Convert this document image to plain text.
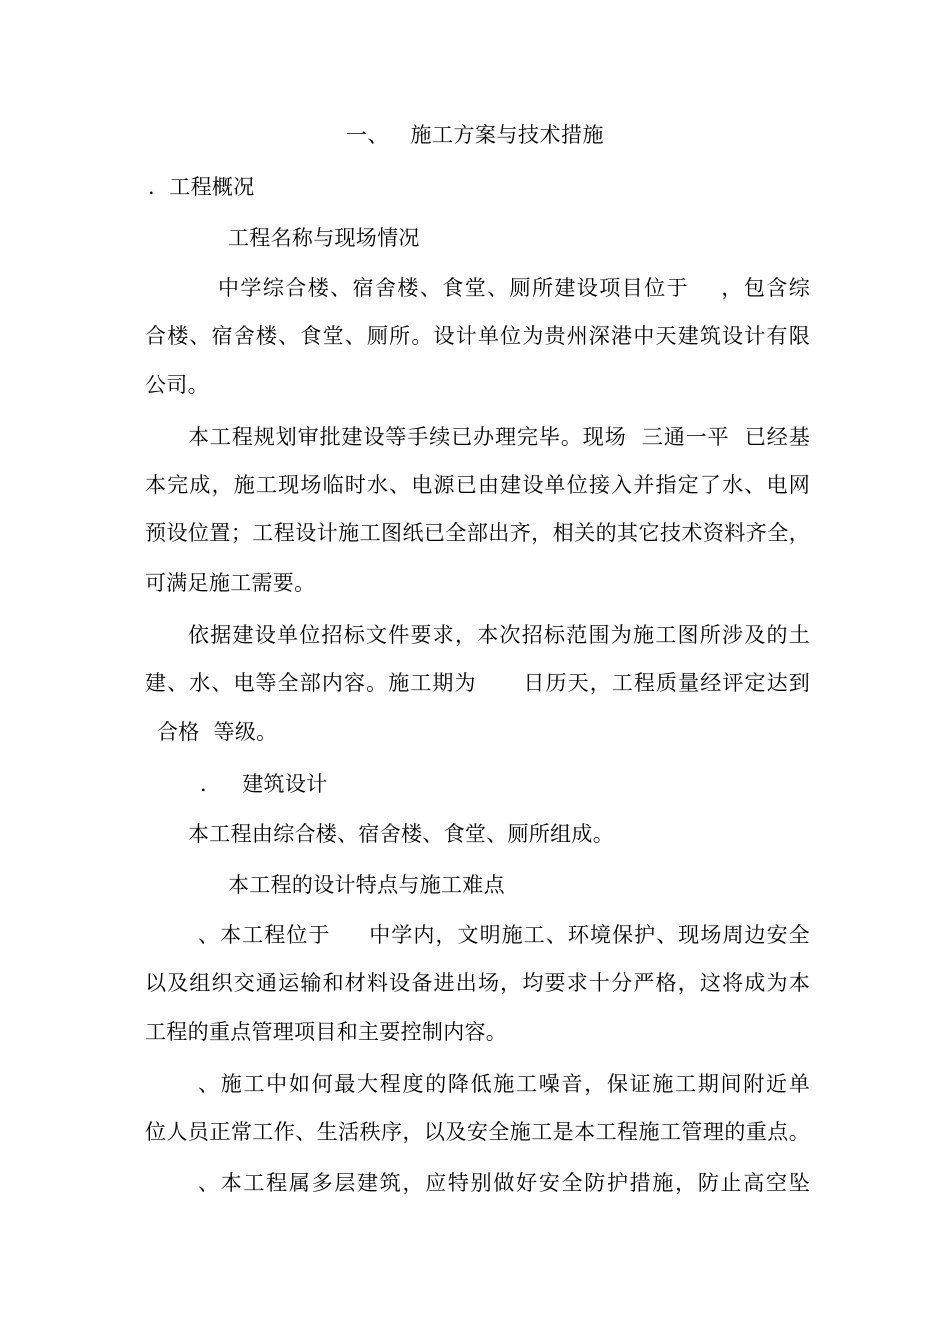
一、   施工方案与技术措施
．工程概况
工程名称与现场情况
中学综合楼、宿舍楼、食堂、厕所建设项目位于    ，包含综
合楼、宿舍楼、食堂、厕所。设计单位为贵州深港中天建筑设计有限
公司。
本工程规划审批建设等手续已办理完毕。现场  三通一平  已经基
本完成，施工现场临时水、电源已由建设单位接入并指定了水、电网
预设位置；工程设计施工图纸已全部出齐，相关的其它技术资料齐全，
可满足施工需要。
依据建设单位招标文件要求，本次招标范围为施工图所涉及的土
建、水、电等全部内容。施工期为      日历天，工程质量经评定达到
合格  等级。
．   建筑设计
本工程由综合楼、宿舍楼、食堂、厕所组成。
本工程的设计特点与施工难点
、本工程位于     中学内，文明施工、环境保护、现场周边安全
以及组织交通运输和材料设备进出场，均要求十分严格，这将成为本
工程的重点管理项目和主要控制内容。
、施工中如何最大程度的降低施工噪音，保证施工期间附近单
位人员正常工作、生活秩序，以及安全施工是本工程施工管理的重点。
、本工程属多层建筑，应特别做好安全防护措施，防止高空坠
